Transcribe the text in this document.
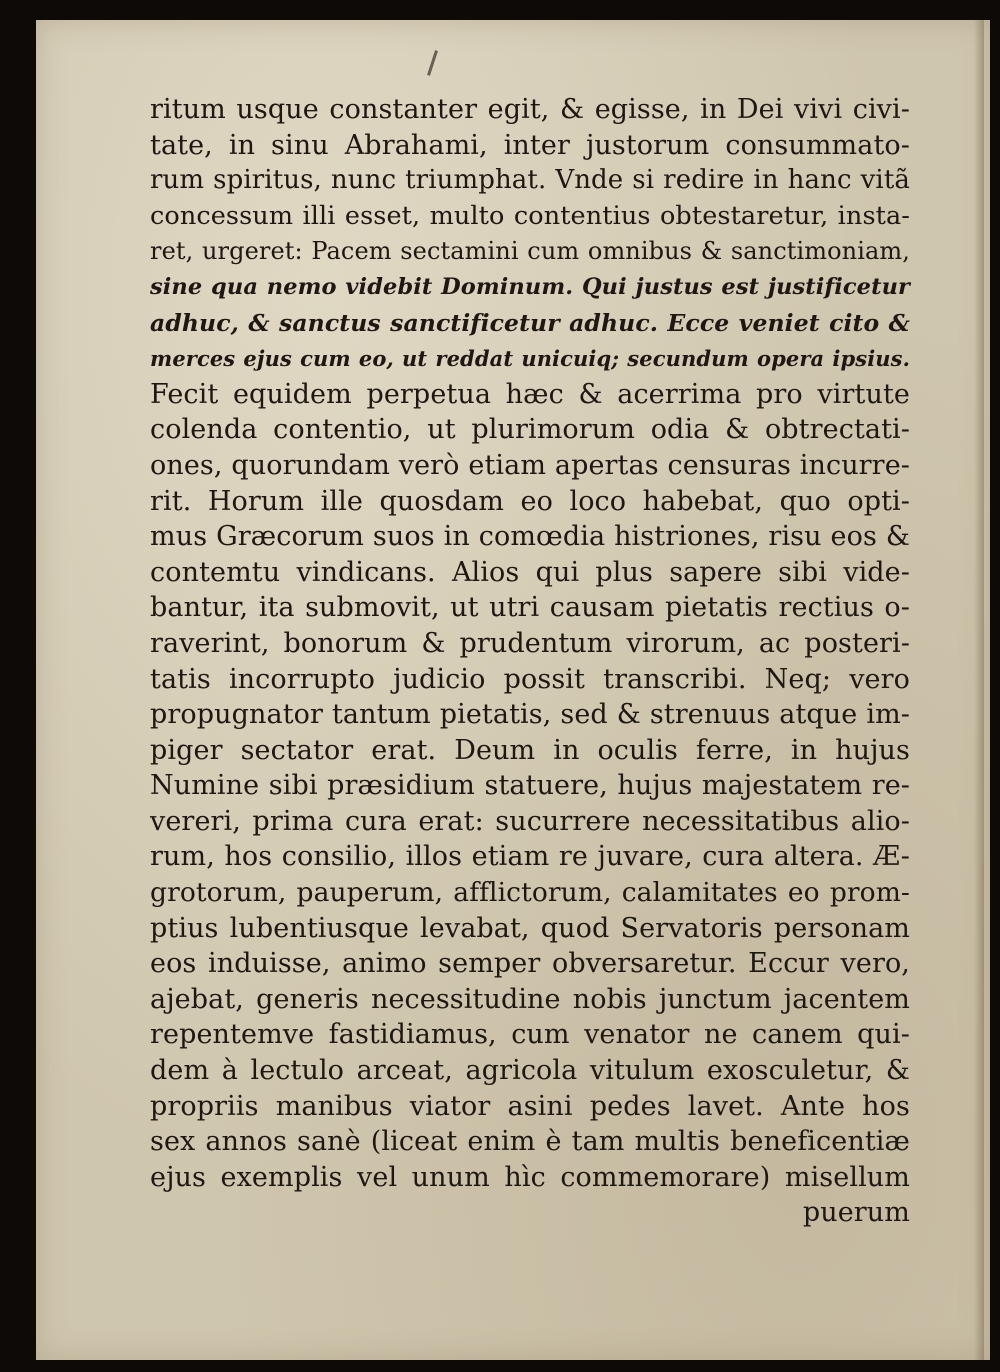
ritum usque constanter egit, & egisse, in Dei vivi civi-
tate, in sinu Abrahami, inter justorum consummato-
rum spiritus, nunc triumphat. Vnde si redire in hanc vitã
concessum illi esset, multo contentius obtestaretur, insta-
ret, urgeret: Pacem sectamini cum omnibus & sanctimoniam,
sine qua nemo videbit Dominum. Qui justus est justificetur
adhuc, & sanctus sanctificetur adhuc. Ecce veniet cito &
merces ejus cum eo, ut reddat unicuiq; secundum opera ipsius.
Fecit equidem perpetua hæc & acerrima pro virtute
colenda contentio, ut plurimorum odia & obtrectati-
ones, quorundam verò etiam apertas censuras incurre-
rit. Horum ille quosdam eo loco habebat, quo opti-
mus Græcorum suos in comœdia histriones, risu eos &
contemtu vindicans. Alios qui plus sapere sibi vide-
bantur, ita submovit, ut utri causam pietatis rectius o-
raverint, bonorum & prudentum virorum, ac posteri-
tatis incorrupto judicio possit transcribi. Neq; vero
propugnator tantum pietatis, sed & strenuus atque im-
piger sectator erat. Deum in oculis ferre, in hujus
Numine sibi præsidium statuere, hujus majestatem re-
vereri, prima cura erat: sucurrere necessitatibus alio-
rum, hos consilio, illos etiam re juvare, cura altera. Æ-
grotorum, pauperum, afflictorum, calamitates eo prom-
ptius lubentiusque levabat, quod Servatoris personam
eos induisse, animo semper obversaretur. Eccur vero,
ajebat, generis necessitudine nobis junctum jacentem
repentemve fastidiamus, cum venator ne canem qui-
dem à lectulo arceat, agricola vitulum exosculetur, &
propriis manibus viator asini pedes lavet. Ante hos
sex annos sanè (liceat enim è tam multis beneficentiæ
ejus exemplis vel unum hìc commemorare) misellum
puerum
